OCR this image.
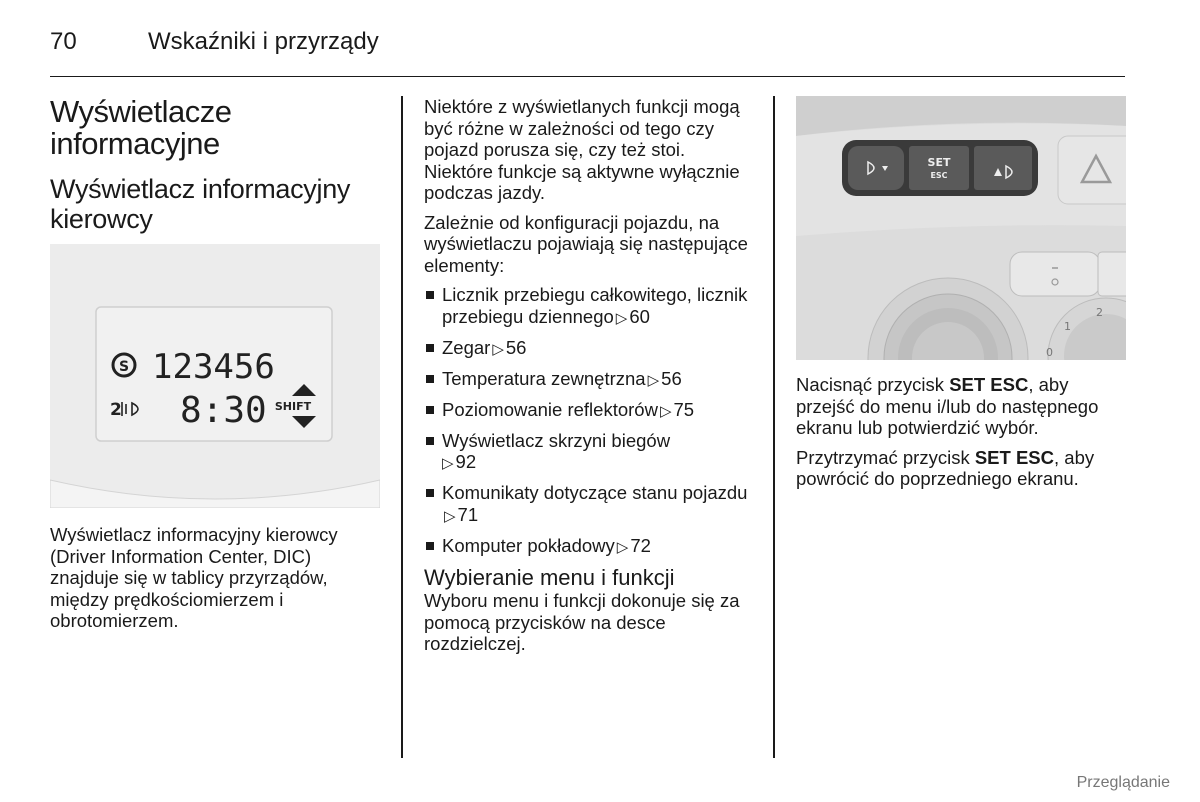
70	Wskaźniki i przyrządy
Wyświetlacze informacyjne
Wyświetlacz informacyjny kierowcy
S 123456
2 8:30 SHIFT

Wyświetlacz informacyjny kierowcy (Driver Information Center, DIC) znajduje się w tablicy przyrządów, między prędkościomierzem i obrotomierzem.

Niektóre z wyświetlanych funkcji mogą być różne w zależności od tego czy pojazd porusza się, czy też stoi. Niektóre funkcje są aktywne wyłącznie podczas jazdy.

Zależnie od konfiguracji pojazdu, na wyświetlaczu pojawiają się następujące elementy:

Licznik przebiegu całkowitego, licznik przebiegu dziennego ▷ 60
Zegar ▷ 56
Temperatura zewnętrzna ▷ 56
Poziomowanie reflektorów ▷ 75
Wyświetlacz skrzyni biegów
▷ 92
Komunikaty dotyczące stanu pojazdu▷ 71
Komputer pokładowy ▷ 72
Wybieranie menu i funkcji

Wyboru menu i funkcji dokonuje się za pomocą przycisków na desce rozdzielczej.

SET
ESC
1
2
0

Nacisnąć przycisk SET ESC, aby przejść do menu i/lub do następnego ekranu lub potwierdzić wybór.

Przytrzymać przycisk SET ESC, aby powrócić do poprzedniego ekranu.

Przeglądanie
